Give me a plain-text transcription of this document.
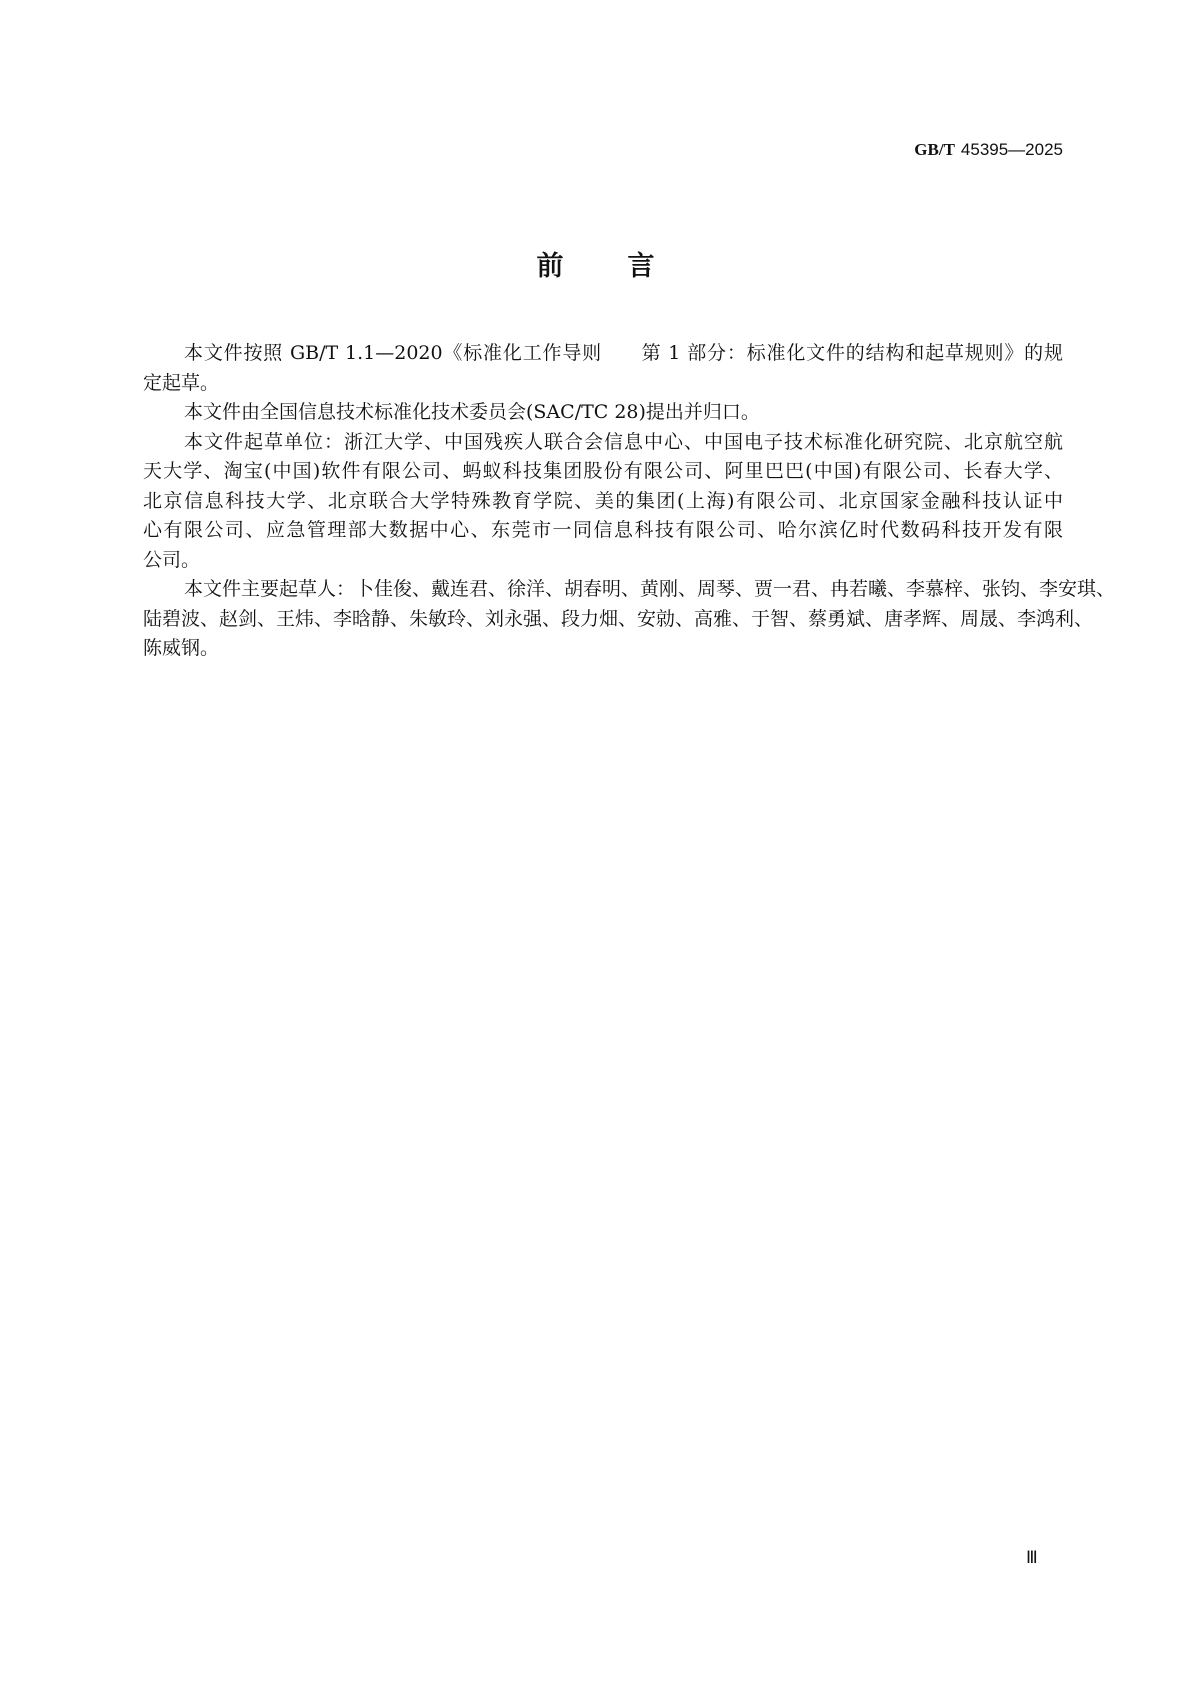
GB/T 45395—2025
前言
本文件按照 GB/T 1.1—2020《标准化工作导则　　第 1 部分：标准化文件的结构和起草规则》的规
定起草。
本文件由全国信息技术标准化技术委员会(SAC/TC 28)提出并归口。
本文件起草单位：浙江大学、中国残疾人联合会信息中心、中国电子技术标准化研究院、北京航空航
天大学、淘宝(中国)软件有限公司、蚂蚁科技集团股份有限公司、阿里巴巴(中国)有限公司、长春大学、
北京信息科技大学、北京联合大学特殊教育学院、美的集团(上海)有限公司、北京国家金融科技认证中
心有限公司、应急管理部大数据中心、东莞市一同信息科技有限公司、哈尔滨亿时代数码科技开发有限
公司。
本文件主要起草人：卜佳俊、戴连君、徐洋、胡春明、黄刚、周琴、贾一君、冉若曦、李慕梓、张钧、李安琪、
陆碧波、赵剑、王炜、李晗静、朱敏玲、刘永强、段力畑、安勍、高雅、于智、蔡勇斌、唐孝辉、周晟、李鸿利、
陈威钢。
Ⅲ
